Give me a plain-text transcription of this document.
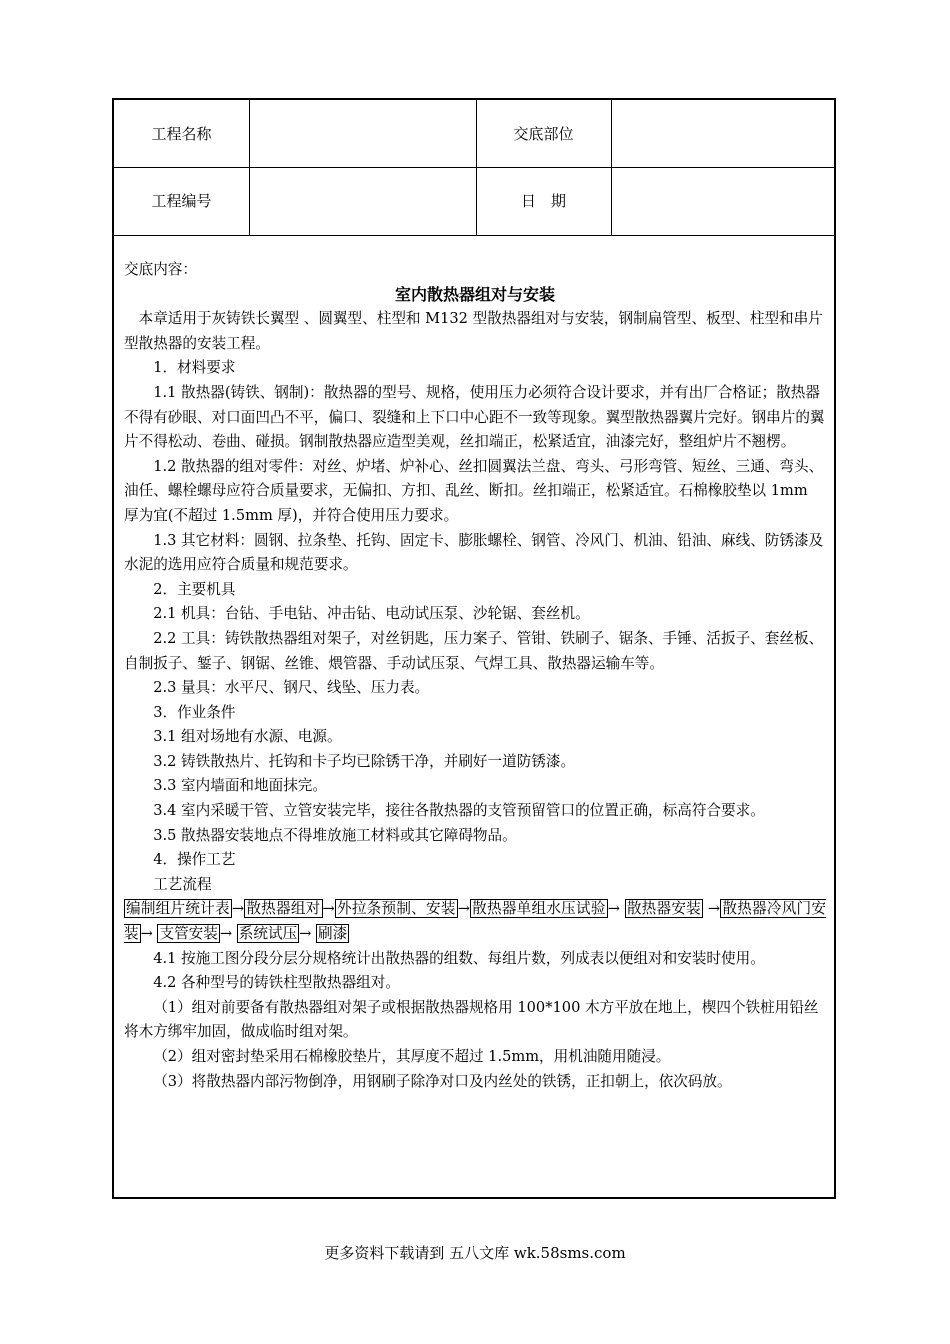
工程名称	交底部位
工程编号	日　期

交底内容：

室内散热器组对与安装

本章适用于灰铸铁长翼型 、圆翼型、柱型和 M132 型散热器组对与安装，钢制扁管型、板型、柱型和串片型散热器的安装工程。

1．材料要求

1.1 散热器(铸铁、钢制)：散热器的型号、规格，使用压力必须符合设计要求，并有出厂合格证；散热器不得有砂眼、对口面凹凸不平，偏口、裂缝和上下口中心距不一致等现象。翼型散热器翼片完好。钢串片的翼片不得松动、卷曲、碰损。钢制散热器应造型美观，丝扣端正，松紧适宜，油漆完好，整组炉片不翘楞。

1.2 散热器的组对零件：对丝、炉堵、炉补心、丝扣圆翼法兰盘、弯头、弓形弯管、短丝、三通、弯头、油任、螺栓螺母应符合质量要求，无偏扣、方扣、乱丝、断扣。丝扣端正，松紧适宜。石棉橡胶垫以 1mm 厚为宜(不超过 1.5mm 厚)，并符合使用压力要求。

1.3 其它材料：圆钢、拉条垫、托钩、固定卡、膨胀螺栓、钢管、冷风门、机油、铅油、麻线、防锈漆及水泥的选用应符合质量和规范要求。

2．主要机具

2.1 机具：台钻、手电钻、冲击钻、电动试压泵、沙轮锯、套丝机。

2.2 工具：铸铁散热器组对架子，对丝钥匙，压力案子、管钳、铁刷子、锯条、手锤、活扳子、套丝板、自制扳子、錾子、钢锯、丝锥、煨管器、手动试压泵、气焊工具、散热器运输车等。

2.3 量具：水平尺、钢尺、线坠、压力表。

3．作业条件

3.1 组对场地有水源、电源。

3.2 铸铁散热片、托钩和卡子均已除锈干净，并刷好一道防锈漆。

3.3 室内墙面和地面抹完。

3.4 室内采暖干管、立管安装完毕，接往各散热器的支管预留管口的位置正确，标高符合要求。

3.5 散热器安装地点不得堆放施工材料或其它障碍物品。

4．操作工艺

工艺流程

编制组片统计表 → 散热器组对 → 外拉条预制、安装 → 散热器单组水压试验 → 散热器安装 → 散热器冷风门安装 → 支管安装 → 系统试压 → 刷漆

4.1 按施工图分段分层分规格统计出散热器的组数、每组片数，列成表以便组对和安装时使用。

4.2 各种型号的铸铁柱型散热器组对。

（1）组对前要备有散热器组对架子或根据散热器规格用 100*100 木方平放在地上，楔四个铁桩用铅丝将木方绑牢加固，做成临时组对架。

（2）组对密封垫采用石棉橡胶垫片，其厚度不超过 1.5mm，用机油随用随浸。

（3）将散热器内部污物倒净，用钢刷子除净对口及内丝处的铁锈，正扣朝上，依次码放。

更多资料下载请到 五八文库 wk.58sms.com
